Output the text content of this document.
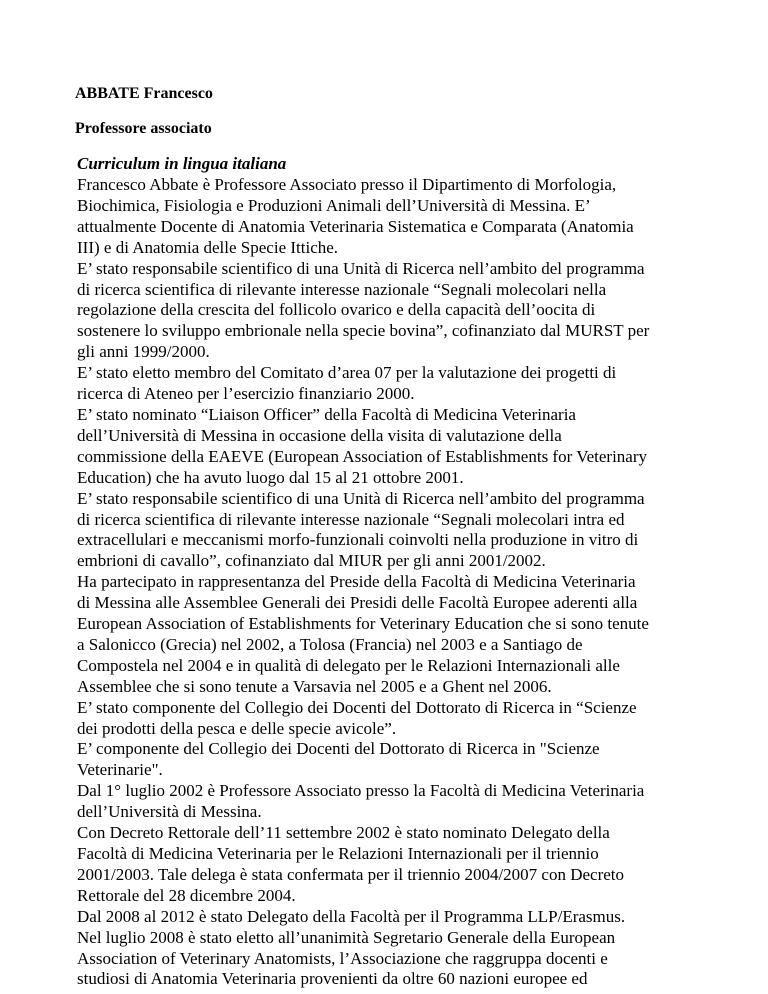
ABBATE Francesco
Professore associato
Curriculum in lingua italiana
Francesco Abbate è Professore Associato presso il Dipartimento di Morfologia,
Biochimica, Fisiologia e Produzioni Animali dell’Università di Messina. E’
attualmente Docente di Anatomia Veterinaria Sistematica e Comparata (Anatomia
III) e di Anatomia delle Specie Ittiche.
E’ stato responsabile scientifico di una Unità di Ricerca nell’ambito del programma
di ricerca scientifica di rilevante interesse nazionale “Segnali molecolari nella
regolazione della crescita del follicolo ovarico e della capacità dell’oocita di
sostenere lo sviluppo embrionale nella specie bovina”, cofinanziato dal MURST per
gli anni 1999/2000.
E’ stato eletto membro del Comitato d’area 07 per la valutazione dei progetti di
ricerca di Ateneo per l’esercizio finanziario 2000.
E’ stato nominato “Liaison Officer” della Facoltà di Medicina Veterinaria
dell’Università di Messina in occasione della visita di valutazione della
commissione della EAEVE (European Association of Establishments for Veterinary
Education) che ha avuto luogo dal 15 al 21 ottobre 2001.
E’ stato responsabile scientifico di una Unità di Ricerca nell’ambito del programma
di ricerca scientifica di rilevante interesse nazionale “Segnali molecolari intra ed
extracellulari e meccanismi morfo-funzionali coinvolti nella produzione in vitro di
embrioni di cavallo”, cofinanziato dal MIUR per gli anni 2001/2002.
Ha partecipato in rappresentanza del Preside della Facoltà di Medicina Veterinaria
di Messina alle Assemblee Generali dei Presidi delle Facoltà Europee aderenti alla
European Association of Establishments for Veterinary Education che si sono tenute
a Salonicco (Grecia) nel 2002, a Tolosa (Francia) nel 2003 e a Santiago de
Compostela nel 2004 e in qualità di delegato per le Relazioni Internazionali alle
Assemblee che si sono tenute a Varsavia nel 2005 e a Ghent nel 2006.
E’ stato componente del Collegio dei Docenti del Dottorato di Ricerca in “Scienze
dei prodotti della pesca e delle specie avicole”.
E’ componente del Collegio dei Docenti del Dottorato di Ricerca in "Scienze
Veterinarie".
Dal 1° luglio 2002 è Professore Associato presso la Facoltà di Medicina Veterinaria
dell’Università di Messina.
Con Decreto Rettorale dell’11 settembre 2002 è stato nominato Delegato della
Facoltà di Medicina Veterinaria per le Relazioni Internazionali per il triennio
2001/2003. Tale delega è stata confermata per il triennio 2004/2007 con Decreto
Rettorale del 28 dicembre 2004.
Dal 2008 al 2012 è stato Delegato della Facoltà per il Programma LLP/Erasmus.
Nel luglio 2008 è stato eletto all’unanimità Segretario Generale della European
Association of Veterinary Anatomists, l’Associazione che raggruppa docenti e
studiosi di Anatomia Veterinaria provenienti da oltre 60 nazioni europee ed
